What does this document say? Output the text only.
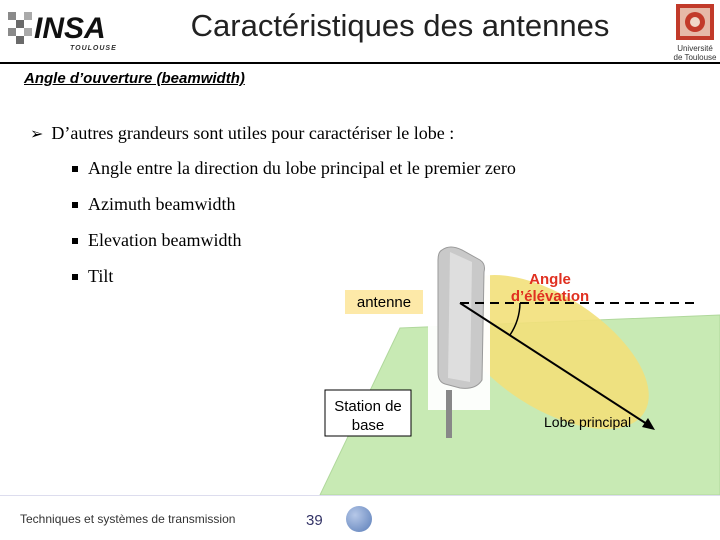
INSA
TOULOUSE
Caractéristiques des antennes
Université
de Toulouse
Angle d’ouverture (beamwidth)
➢ D’autres grandeurs sont utiles pour caractériser le lobe :
Angle entre la direction du lobe principal et le premier zero
Azimuth beamwidth
Elevation beamwidth
Tilt
antenne
Angle
d’élévation
Station de
base	Lobe principal
Techniques et systèmes de transmission	39
